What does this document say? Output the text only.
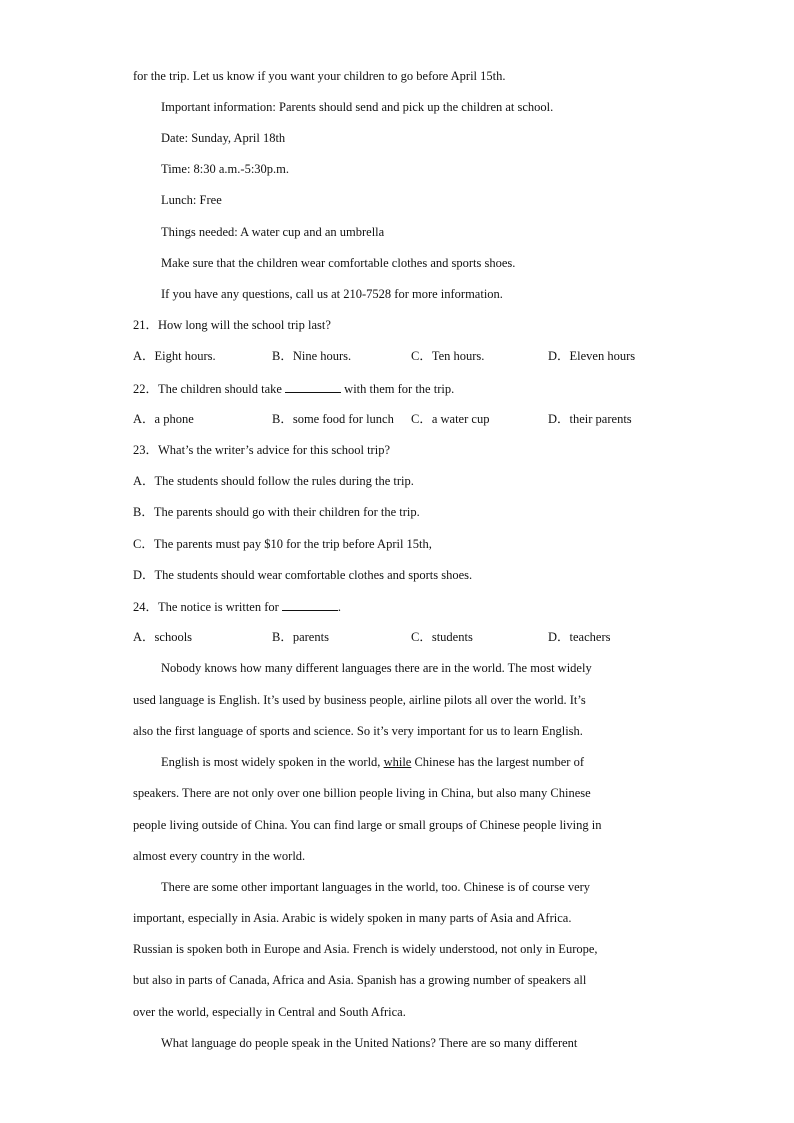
for the trip. Let us know if you want your children to go before April 15th.
Important information: Parents should send and pick up the children at school.
Date: Sunday, April 18th
Time: 8:30 a.m.-5:30p.m.
Lunch: Free
Things needed: A water cup and an umbrella
Make sure that the children wear comfortable clothes and sports shoes.
If you have any questions, call us at 210-7528 for more information.
21．How long will the school trip last?
A．Eight hours.	B．Nine hours.	C．Ten hours.	D．Eleven hours
22．The children should take	with them for the trip.
A．a phone	B．some food for lunch C．a water cup	D．their parents
23．What’s the writer’s advice for this school trip?
A．The students should follow the rules during the trip.
B．The parents should go with their children for the trip.
C．The parents must pay $10 for the trip before April 15th,
D．The students should wear comfortable clothes and sports shoes.
24．The notice is written for	.
A．schools	B．parents	C．students	D．teachers
Nobody knows how many different languages there are in the world. The most widely
used language is English. It’s used by business people, airline pilots all over the world. It’s
also the first language of sports and science. So it’s very important for us to learn English.
English is most widely spoken in the world, while Chinese has the largest number of
speakers. There are not only over one billion people living in China, but also many Chinese
people living outside of China. You can find large or small groups of Chinese people living in
almost every country in the world.
There are some other important languages in the world, too. Chinese is of course very
important, especially in Asia. Arabic is widely spoken in many parts of Asia and Africa.
Russian is spoken both in Europe and Asia. French is widely understood, not only in Europe,
but also in parts of Canada, Africa and Asia. Spanish has a growing number of speakers all
over the world, especially in Central and South Africa.
What language do people speak in the United Nations? There are so many different
